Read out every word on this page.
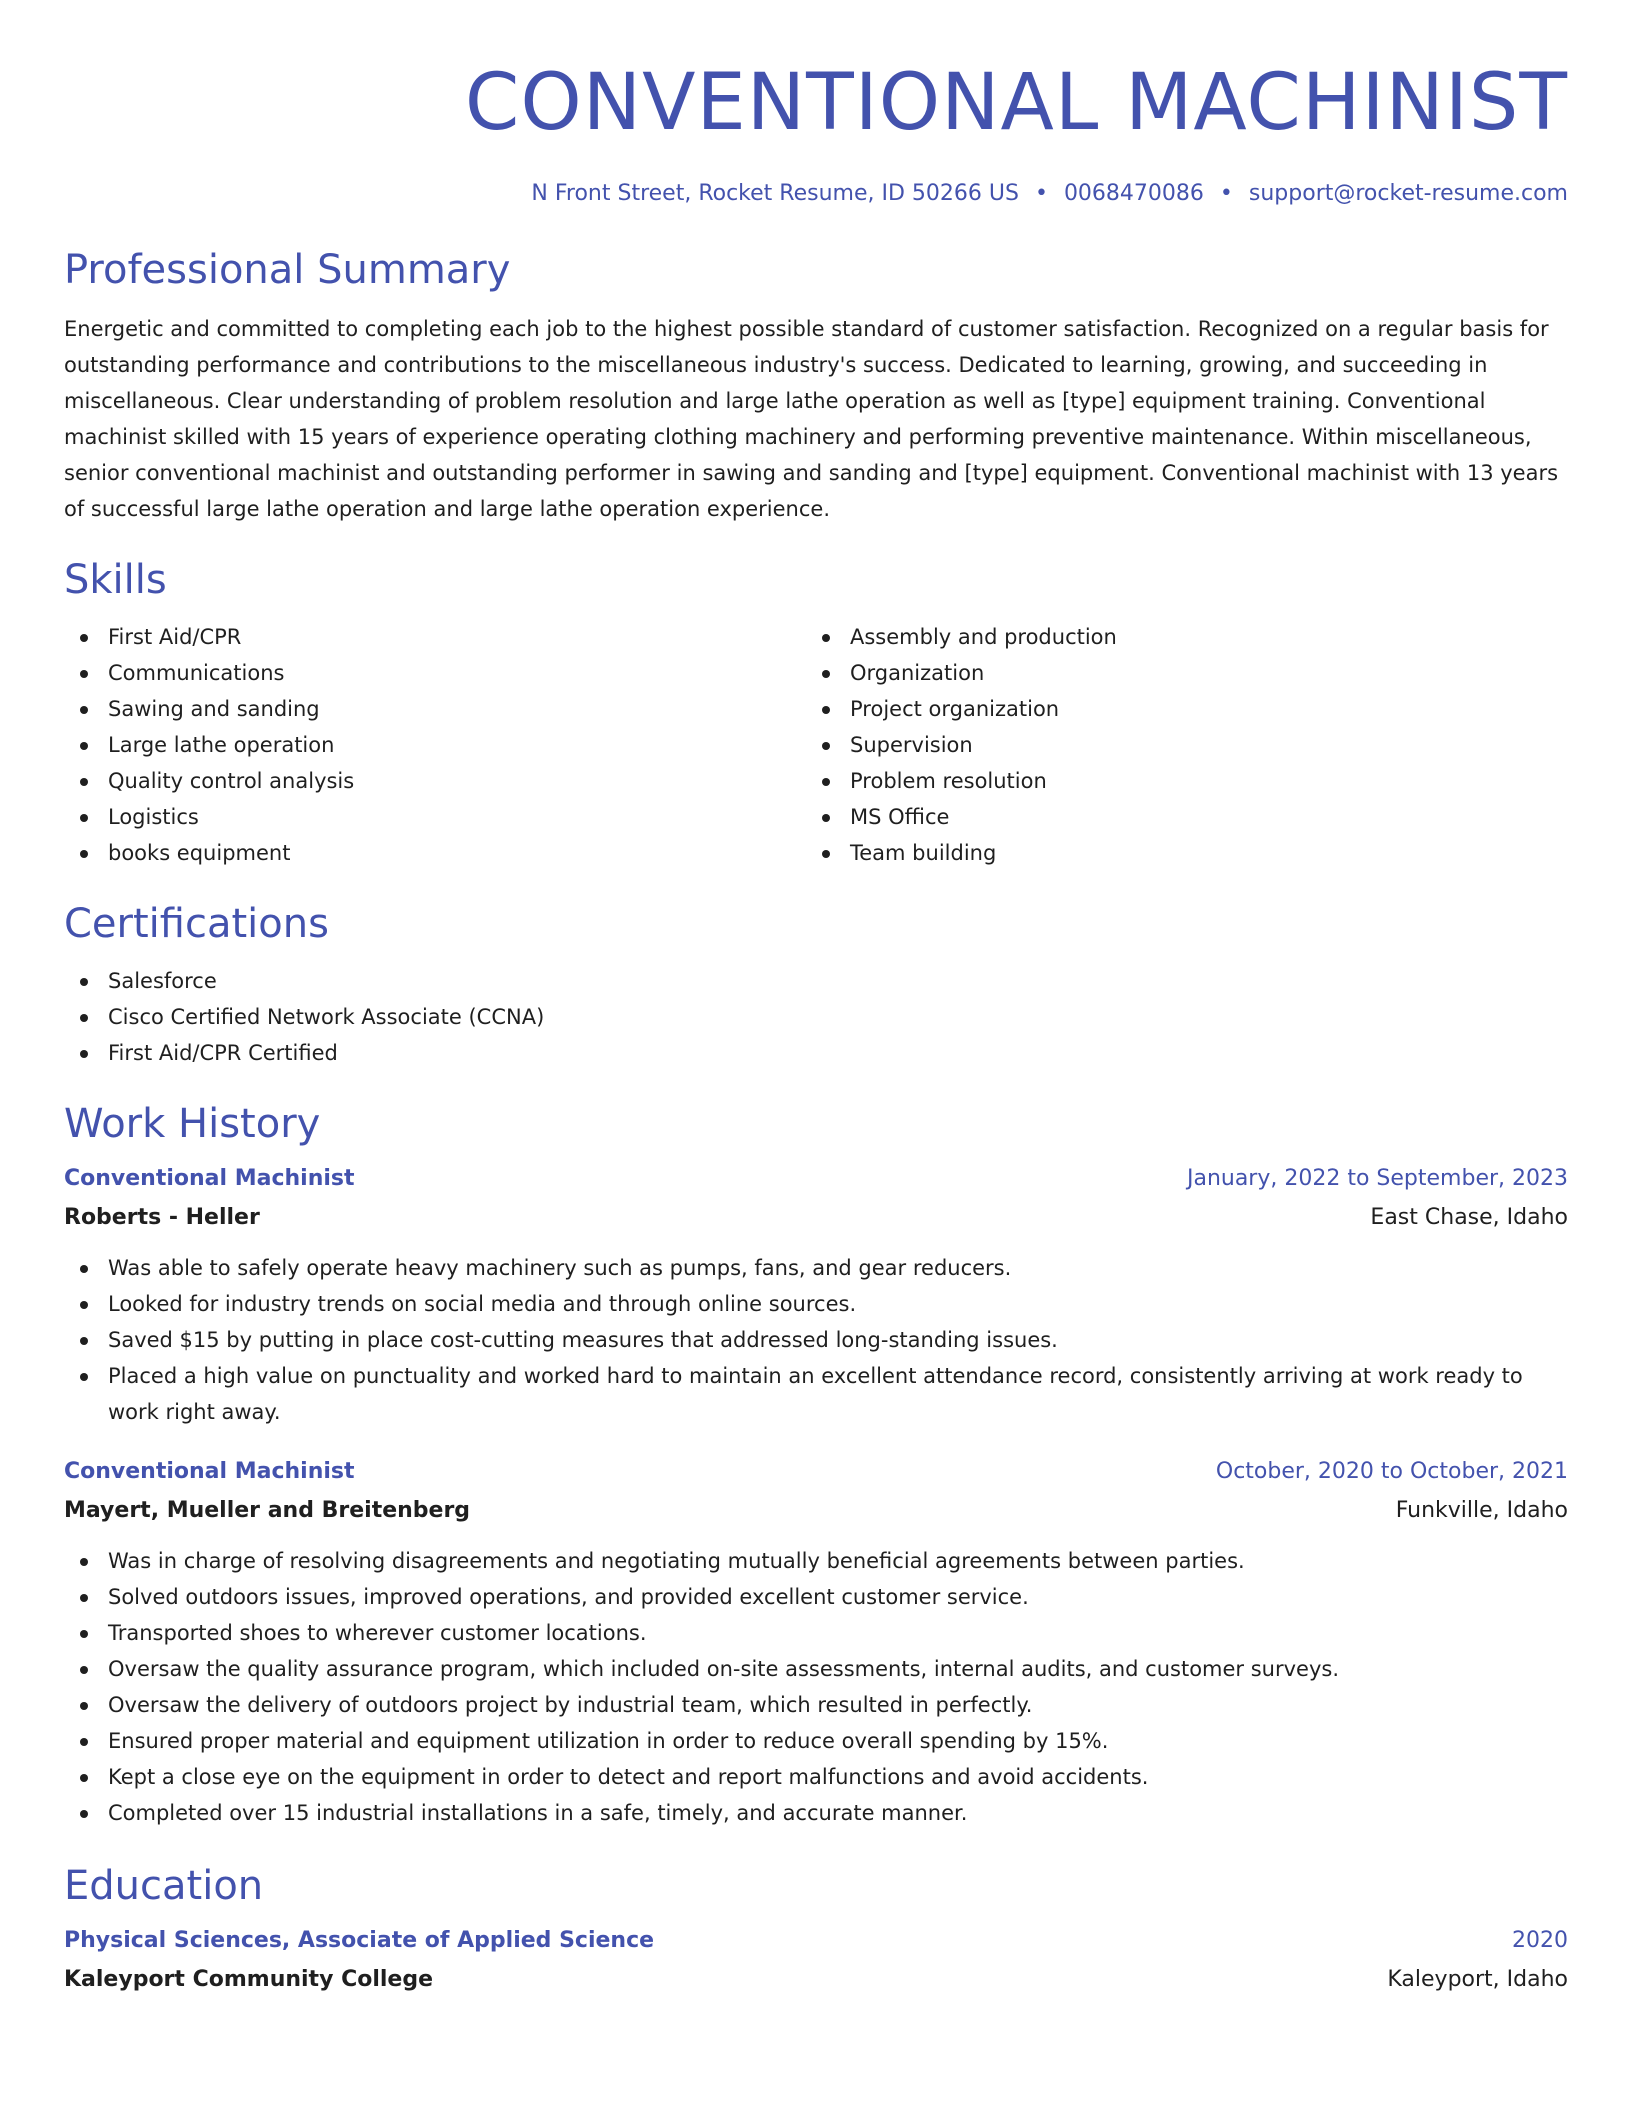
CONVENTIONAL MACHINIST
N Front Street, Rocket Resume, ID 50266 US • 0068470086 • support@rocket-resume.com
Professional Summary

Energetic and committed to completing each job to the highest possible standard of customer satisfaction. Recognized on a regular basis for outstanding performance and contributions to the miscellaneous industry's success. Dedicated to learning, growing, and succeeding in miscellaneous. Clear understanding of problem resolution and large lathe operation as well as [type] equipment training. Conventional machinist skilled with 15 years of experience operating clothing machinery and performing preventive maintenance. Within miscellaneous, senior conventional machinist and outstanding performer in sawing and sanding and [type] equipment. Conventional machinist with 13 years of successful large lathe operation and large lathe operation experience.

Skills
First Aid/CPR
Communications
Sawing and sanding
Large lathe operation
Quality control analysis
Logistics
books equipment
Assembly and production
Organization
Project organization
Supervision
Problem resolution
MS Office
Team building
Certifications
Salesforce
Cisco Certified Network Associate (CCNA)
First Aid/CPR Certified
Work History
Conventional Machinist	January, 2022 to September, 2023
Roberts - Heller	East Chase, Idaho
Was able to safely operate heavy machinery such as pumps, fans, and gear reducers.
Looked for industry trends on social media and through online sources.
Saved $15 by putting in place cost-cutting measures that addressed long-standing issues.
Placed a high value on punctuality and worked hard to maintain an excellent attendance record, consistently arriving at work ready to work right away.
Conventional Machinist	October, 2020 to October, 2021
Mayert, Mueller and Breitenberg	Funkville, Idaho
Was in charge of resolving disagreements and negotiating mutually beneficial agreements between parties.
Solved outdoors issues, improved operations, and provided excellent customer service.
Transported shoes to wherever customer locations.
Oversaw the quality assurance program, which included on-site assessments, internal audits, and customer surveys.
Oversaw the delivery of outdoors project by industrial team, which resulted in perfectly.
Ensured proper material and equipment utilization in order to reduce overall spending by 15%.
Kept a close eye on the equipment in order to detect and report malfunctions and avoid accidents.
Completed over 15 industrial installations in a safe, timely, and accurate manner.
Education
Physical Sciences, Associate of Applied Science	2020
Kaleyport Community College	Kaleyport, Idaho
